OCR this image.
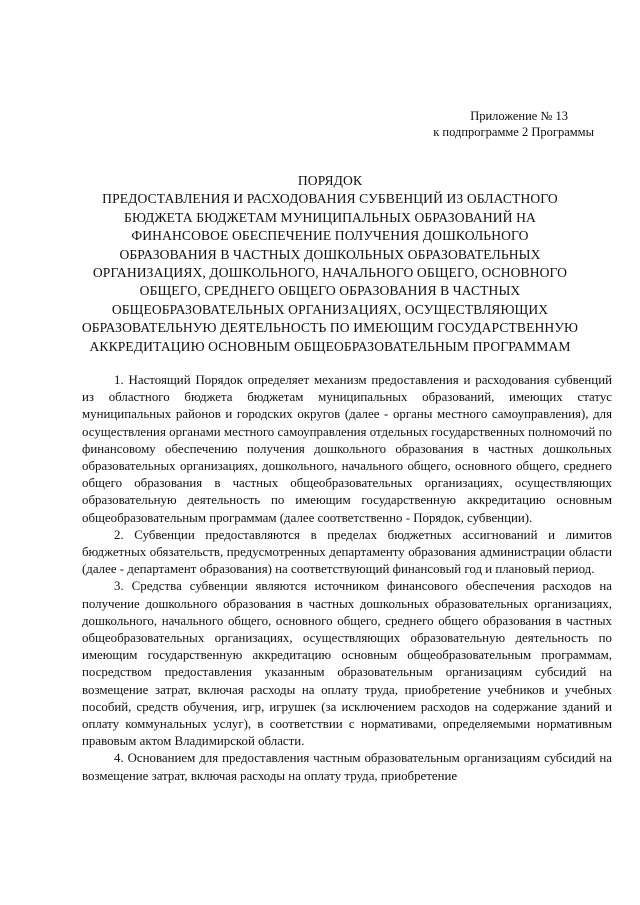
Приложение № 13
к подпрограмме 2 Программы
ПОРЯДОК
ПРЕДОСТАВЛЕНИЯ И РАСХОДОВАНИЯ СУБВЕНЦИЙ ИЗ ОБЛАСТНОГО
БЮДЖЕТА БЮДЖЕТАМ МУНИЦИПАЛЬНЫХ ОБРАЗОВАНИЙ НА
ФИНАНСОВОЕ ОБЕСПЕЧЕНИЕ ПОЛУЧЕНИЯ ДОШКОЛЬНОГО
ОБРАЗОВАНИЯ В ЧАСТНЫХ ДОШКОЛЬНЫХ ОБРАЗОВАТЕЛЬНЫХ
ОРГАНИЗАЦИЯХ, ДОШКОЛЬНОГО, НАЧАЛЬНОГО ОБЩЕГО, ОСНОВНОГО
ОБЩЕГО, СРЕДНЕГО ОБЩЕГО ОБРАЗОВАНИЯ В ЧАСТНЫХ
ОБЩЕОБРАЗОВАТЕЛЬНЫХ ОРГАНИЗАЦИЯХ, ОСУЩЕСТВЛЯЮЩИХ
ОБРАЗОВАТЕЛЬНУЮ ДЕЯТЕЛЬНОСТЬ ПО ИМЕЮЩИМ ГОСУДАРСТВЕННУЮ
АККРЕДИТАЦИЮ ОСНОВНЫМ ОБЩЕОБРАЗОВАТЕЛЬНЫМ ПРОГРАММАМ

1. Настоящий Порядок определяет механизм предоставления и расходования субвенций из областного бюджета бюджетам муниципальных образований, имеющих статус муниципальных районов и городских округов (далее - органы местного самоуправления), для осуществления органами местного самоуправления отдельных государственных полномочий по финансовому обеспечению получения дошкольного образования в частных дошкольных образовательных организациях, дошкольного, начального общего, основного общего, среднего общего образования в частных общеобразовательных организациях, осуществляющих образовательную деятельность по имеющим государственную аккредитацию основным общеобразовательным программам (далее соответственно - Порядок, субвенции).

2. Субвенции предоставляются в пределах бюджетных ассигнований и лимитов бюджетных обязательств, предусмотренных департаменту образования администрации области (далее - департамент образования) на соответствующий финансовый год и плановый период.

3. Средства субвенции являются источником финансового обеспечения расходов на получение дошкольного образования в частных дошкольных образовательных организациях, дошкольного, начального общего, основного общего, среднего общего образования в частных общеобразовательных организациях, осуществляющих образовательную деятельность по имеющим государственную аккредитацию основным общеобразовательным программам, посредством предоставления указанным образовательным организациям субсидий на возмещение затрат, включая расходы на оплату труда, приобретение учебников и учебных пособий, средств обучения, игр, игрушек (за исключением расходов на содержание зданий и оплату коммунальных услуг), в соответствии с нормативами, определяемыми нормативным правовым актом Владимирской области.

4. Основанием для предоставления частным образовательным организациям субсидий на возмещение затрат, включая расходы на оплату труда, приобретение
